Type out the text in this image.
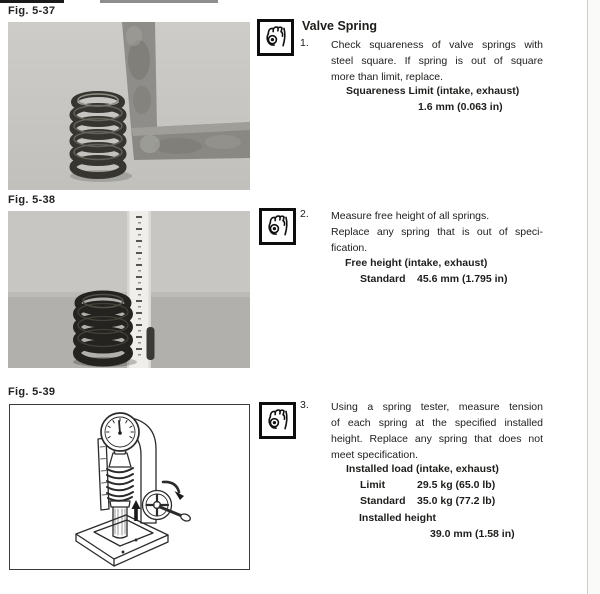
Fig. 5-37
Fig. 5-38
Fig. 5-39
Valve Spring
1. Check squareness of valve springs with
steel square. If spring is out of square
more than limit, replace.
Squareness Limit (intake, exhaust)
1.6 mm (0.063 in)
2. Measure free height of all springs.
Replace any spring that is out of speci-
fication.
Free height (intake, exhaust)
Standard 45.6 mm (1.795 in)
3. Using a spring tester, measure tension
of each spring at the specified installed
height. Replace any spring that does not
meet specification.
Installed load (intake, exhaust)
Limit	29.5 kg (65.0 lb)
Standard 35.0 kg (77.2 lb)
Installed height
39.0 mm (1.58 in)
